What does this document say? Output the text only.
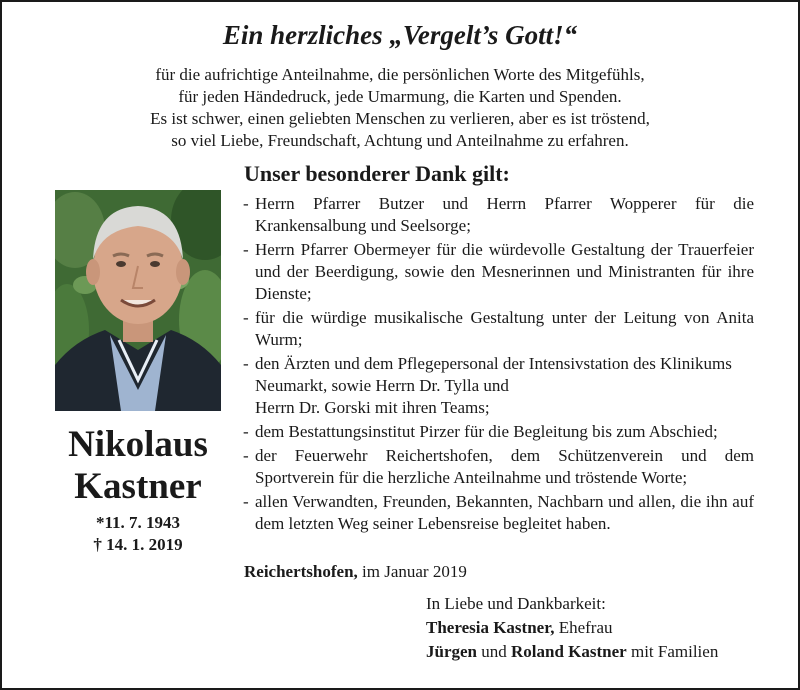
Ein herzliches „Vergelt’s Gott!“
für die aufrichtige Anteilnahme, die persönlichen Worte des Mitgefühls,
für jeden Händedruck, jede Umarmung, die Karten und Spenden.
Es ist schwer, einen geliebten Menschen zu verlieren, aber es ist tröstend,
so viel Liebe, Freundschaft, Achtung und Anteilnahme zu erfahren.
Nikolaus
Kastner
*11. 7. 1943
† 14. 1. 2019
Unser besonderer Dank gilt:
- Herrn Pfarrer Butzer und Herrn Pfarrer Wopperer für die Krankensalbung und Seelsorge;
- Herrn Pfarrer Obermeyer für die würdevolle Gestaltung der Trauerfeier und der Beerdigung, sowie den Mesnerinnen und Ministranten für ihre Dienste;
- für die würdige musikalische Gestaltung unter der Leitung von Anita Wurm;
- den Ärzten und dem Pflegepersonal der Intensivstation des Klinikums Neumarkt, sowie Herrn Dr. Tylla und
Herrn Dr. Gorski mit ihren Teams;
- dem Bestattungsinstitut Pirzer für die Begleitung bis zum Abschied;
- der Feuerwehr Reichertshofen, dem Schützenverein und dem Sportverein für die herzliche Anteilnahme und tröstende Worte;
- allen Verwandten, Freunden, Bekannten, Nachbarn und allen, die ihn auf dem letzten Weg seiner Lebensreise begleitet haben.
Reichertshofen, im Januar 2019
In Liebe und Dankbarkeit:
Theresia Kastner, Ehefrau
Jürgen und Roland Kastner mit Familien
